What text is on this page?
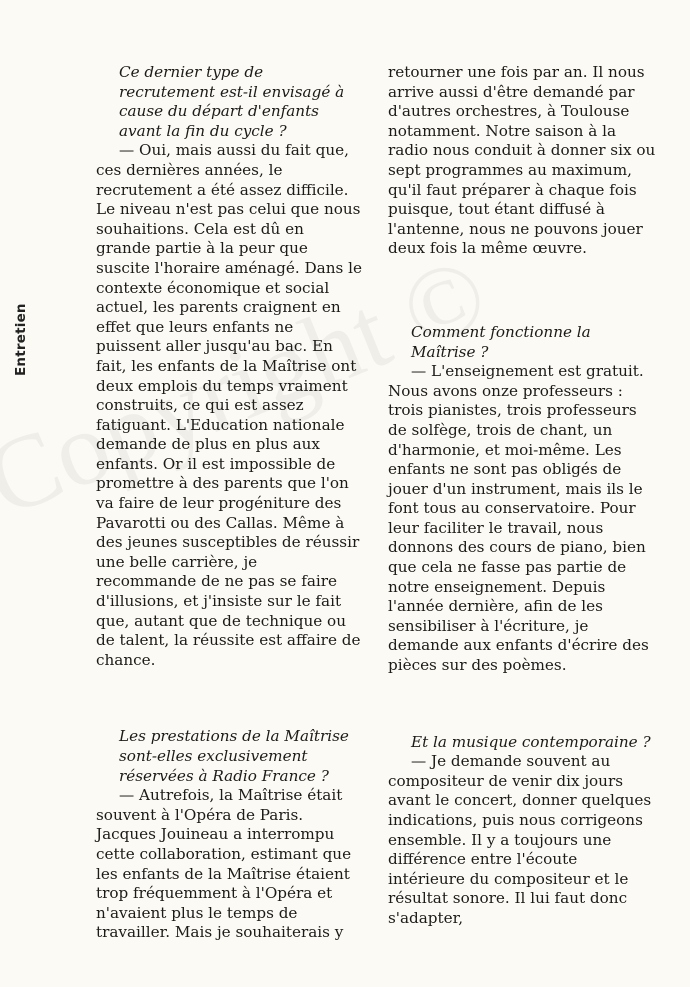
Entretien

Ce dernier type de recrutement est-il envisagé à cause du départ d'enfants avant la fin du cycle ?

— Oui, mais aussi du fait que, ces dernières années, le recrutement a été assez difficile. Le niveau n'est pas celui que nous souhaitions. Cela est dû en grande partie à la peur que suscite l'horaire aménagé. Dans le contexte économique et social actuel, les parents craignent en effet que leurs enfants ne puissent aller jusqu'au bac. En fait, les enfants de la Maîtrise ont deux emplois du temps vraiment construits, ce qui est assez fatiguant. L'Education nationale demande de plus en plus aux enfants. Or il est impossible de promettre à des parents que l'on va faire de leur progéniture des Pavarotti ou des Callas. Même à des jeunes susceptibles de réussir une belle carrière, je recommande de ne pas se faire d'illusions, et j'insiste sur le fait que, autant que de technique ou de talent, la réussite est affaire de chance.

Les prestations de la Maîtrise sont-elles exclusivement réservées à Radio France ?

— Autrefois, la Maîtrise était souvent à l'Opéra de Paris. Jacques Jouineau a interrompu cette collaboration, estimant que les enfants de la Maîtrise étaient trop fréquemment à l'Opéra et n'avaient plus le temps de travailler. Mais je souhaiterais y

retourner une fois par an. Il nous arrive aussi d'être demandé par d'autres orchestres, à Toulouse notamment. Notre saison à la radio nous conduit à donner six ou sept programmes au maximum, qu'il faut préparer à chaque fois puisque, tout étant diffusé à l'antenne, nous ne pouvons jouer deux fois la même œuvre.

Comment fonctionne la Maîtrise ?

— L'enseignement est gratuit. Nous avons onze professeurs : trois pianistes, trois professeurs de solfège, trois de chant, un d'harmonie, et moi-même. Les enfants ne sont pas obligés de jouer d'un instrument, mais ils le font tous au conservatoire. Pour leur faciliter le travail, nous donnons des cours de piano, bien que cela ne fasse pas partie de notre enseignement. Depuis l'année dernière, afin de les sensibiliser à l'écriture, je demande aux enfants d'écrire des pièces sur des poèmes.

Et la musique contemporaine ?

— Je demande souvent au compositeur de venir dix jours avant le concert, donner quelques indications, puis nous corrigeons ensemble. Il y a toujours une différence entre l'écoute intérieure du compositeur et le résultat sonore. Il lui faut donc s'adapter,
